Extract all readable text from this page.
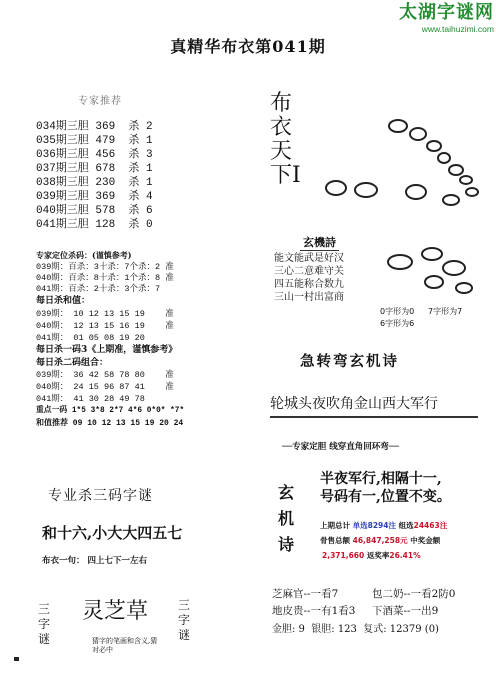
太湖字谜网
www.taihuzimi.com
真精华布衣第041期
专家推荐
034期三胆 369  杀 2
035期三胆 479  杀 1
036期三胆 456  杀 3
037期三胆 678  杀 1
038期三胆 230  杀 1
039期三胆 369  杀 4
040期三胆 578  杀 6
041期三胆 128  杀 0
专家定位杀码：(谨慎参考)
039期：百杀：3十杀：7个杀：2 准
040期：百杀：8十杀：1个杀：8 准
041期：百杀：2十杀：3个杀：7
每日杀和值：
039期： 10 12 13 15 19    准
040期： 12 13 15 16 19    准
041期： 01 05 08 19 20
每日杀一码3《上期准，谨慎参考》
每日杀二码组合：
039期： 36 42 58 78 80    准
040期： 24 15 96 87 41    准
041期： 41 30 28 49 78
重点一码 1*5 3*8 2*7 4*6 0*0* *7*
和值推荐 09 10 12 13 15 19 20 24
布衣天下I
玄機詩
能文能武是好汉
三心二意难守关
四五能称合数九
三山一村出富商
0字形为0 7字形为7
6字形为6
急转弯玄机诗
轮城头夜吹角金山西大军行
专业杀三码字谜
和十六,小大大四五七
布衣一句： 四上七下一左右
三字谜
灵芝草 三字谜
猜字的笔画和含义,猜对必中
──专家定胆 线穿直角回环弯──
玄
机
诗
半夜军行,相隔十一,
号码有一,位置不变。
上期总计 单选8294注 组选24463注
骨售总额 46,847,258元 中奖金额
2,371,660 返奖率26.41%
芝麻官--一看7	包二奶--一看2防0
地皮贵--一有1看3 下酒菜--一出9
金胆: 9  银胆: 123  复式: 12379 (0)
